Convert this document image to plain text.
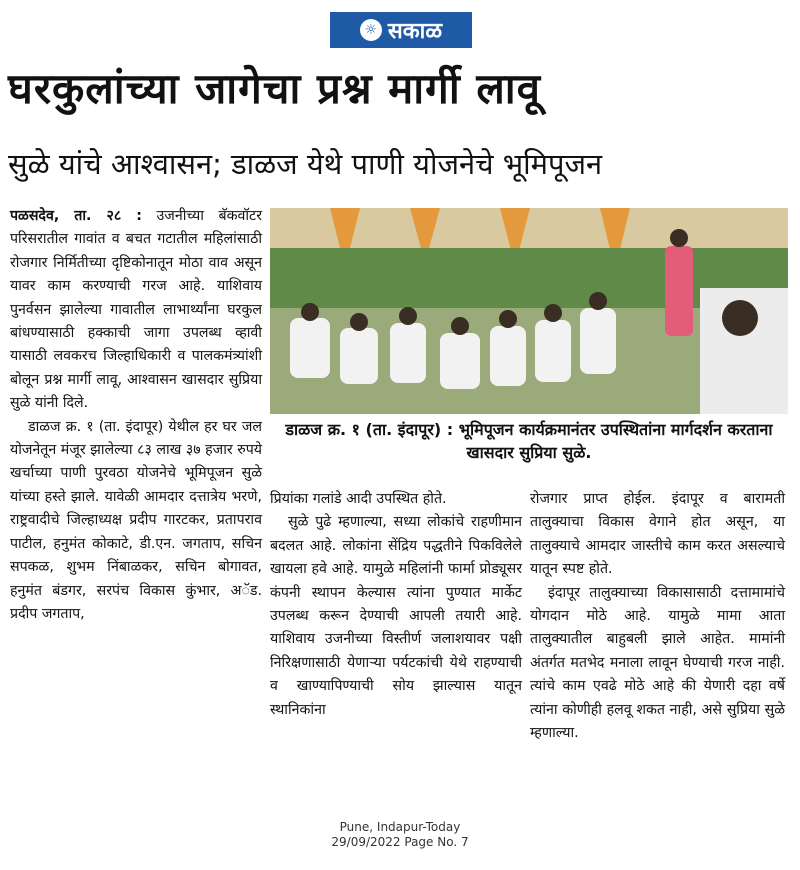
☼ सकाळ
घरकुलांच्या जागेचा प्रश्न मार्गी लावू
सुळे यांचे आश्वासन; डाळज येथे पाणी योजनेचे भूमिपूजन

पळसदेव, ता. २८ : उजनीच्या बॅकवॉटर परिसरातील गावांत व बचत गटातील महिलांसाठी रोजगार निर्मितीच्या दृष्टिकोनातून मोठा वाव असून यावर काम करण्याची गरज आहे. याशिवाय पुनर्वसन झालेल्या गावातील लाभार्थ्यांना घरकुल बांधण्यासाठी हक्काची जागा उपलब्ध व्हावी यासाठी लवकरच जिल्हाधिकारी व पालकमंत्र्यांशी बोलून प्रश्न मार्गी लावू, आश्वासन खासदार सुप्रिया सुळे यांनी दिले.

डाळज क्र. १ (ता. इंदापूर) येथील हर घर जल योजनेतून मंजूर झालेल्या ८३ लाख ३७ हजार रुपये खर्चाच्या पाणी पुरवठा योजनेचे भूमिपूजन सुळे यांच्या हस्ते झाले. यावेळी आमदार दत्तात्रेय भरणे, राष्ट्रवादीचे जिल्हाध्यक्ष प्रदीप गारटकर, प्रतापराव पाटील, हनुमंत कोकाटे, डी.एन. जगताप, सचिन सपकळ, शुभम निंबाळकर, सचिन बोगावत, हनुमंत बंडगर, सरपंच विकास कुंभार, अॅड. प्रदीप जगताप,

डाळज क्र. १ (ता. इंदापूर) : भूमिपूजन कार्यक्रमानंतर उपस्थितांना मार्गदर्शन करताना खासदार सुप्रिया सुळे.

प्रियांका गलांडे आदी उपस्थित होते.

सुळे पुढे म्हणाल्या, सध्या लोकांचे राहणीमान बदलत आहे. लोकांना सेंद्रिय पद्धतीने पिकविलेले खायला हवे आहे. यामुळे महिलांनी फार्मा प्रोड्यूसर कंपनी स्थापन केल्यास त्यांना पुण्यात मार्केट उपलब्ध करून देण्याची आपली तयारी आहे. याशिवाय उजनीच्या विस्तीर्ण जलाशयावर पक्षी निरिक्षणासाठी येणाऱ्या पर्यटकांची येथे राहण्याची व खाण्यापिण्याची सोय झाल्यास यातून स्थानिकांना

रोजगार प्राप्त होईल. इंदापूर व बारामती तालुक्याचा विकास वेगाने होत असून, या तालुक्याचे आमदार जास्तीचे काम करत असल्याचे यातून स्पष्ट होते.

इंदापूर तालुक्याच्या विकासासाठी दत्तामामांचे योगदान मोठे आहे. यामुळे मामा आता तालुक्यातील बाहुबली झाले आहेत. मामांनी अंतर्गत मतभेद मनाला लावून घेण्याची गरज नाही. त्यांचे काम एवढे मोठे आहे की येणारी दहा वर्षे त्यांना कोणीही हलवू शकत नाही, असे सुप्रिया सुळे म्हणाल्या.

Pune, Indapur-Today
29/09/2022 Page No. 7
